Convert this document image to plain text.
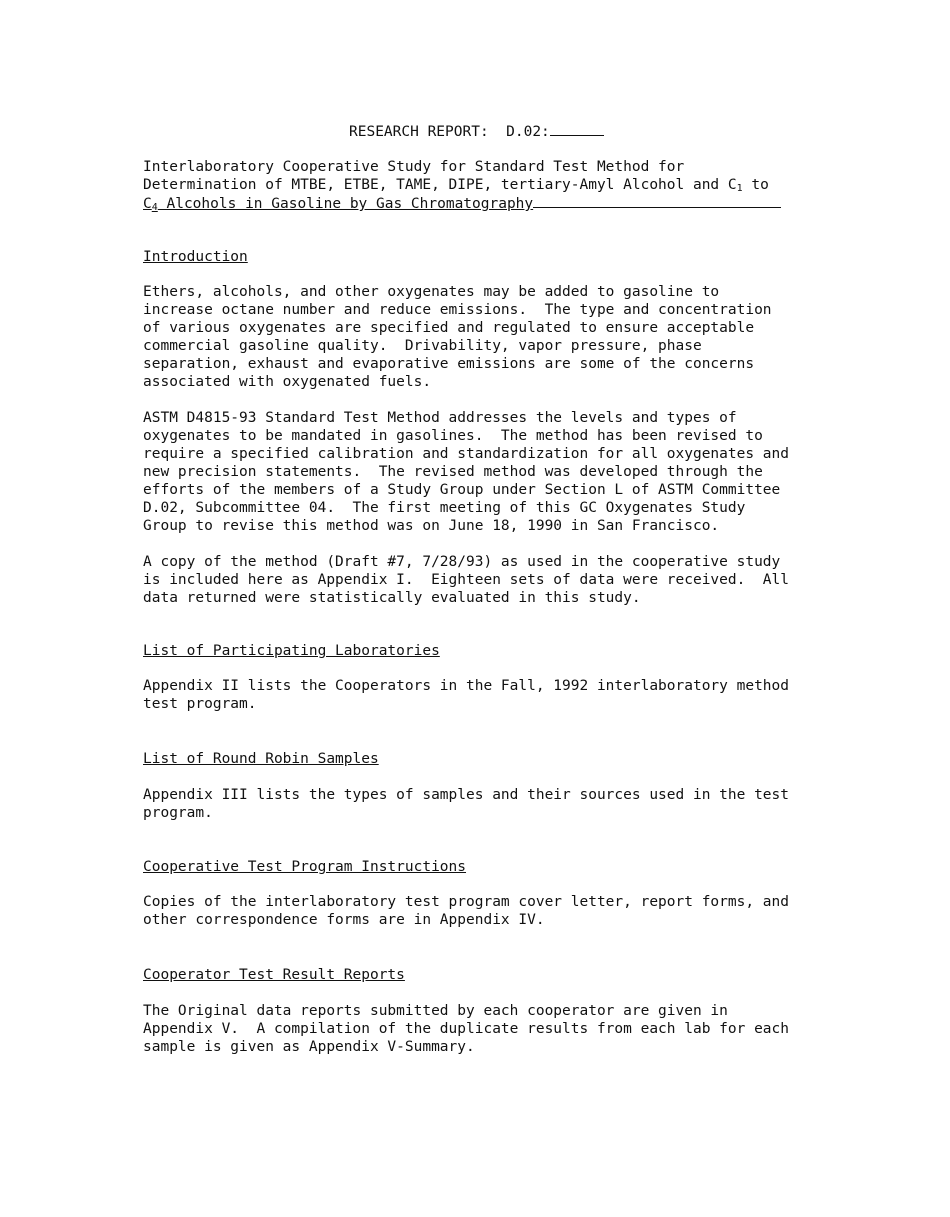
RESEARCH REPORT:  D.02:
Interlaboratory Cooperative Study for Standard Test Method for
Determination of MTBE, ETBE, TAME, DIPE, tertiary-Amyl Alcohol and $C_1$ to
$C_4$ Alcohols in Gasoline by Gas Chromatography
Introduction
Ethers, alcohols, and other oxygenates may be added to gasoline to
increase octane number and reduce emissions.  The type and concentration
of various oxygenates are specified and regulated to ensure acceptable
commercial gasoline quality.  Drivability, vapor pressure, phase
separation, exhaust and evaporative emissions are some of the concerns
associated with oxygenated fuels.
ASTM D4815-93 Standard Test Method addresses the levels and types of
oxygenates to be mandated in gasolines.  The method has been revised to
require a specified calibration and standardization for all oxygenates and
new precision statements.  The revised method was developed through the
efforts of the members of a Study Group under Section L of ASTM Committee
D.02, Subcommittee 04.  The first meeting of this GC Oxygenates Study
Group to revise this method was on June 18, 1990 in San Francisco.
A copy of the method (Draft #7, 7/28/93) as used in the cooperative study
is included here as Appendix I.  Eighteen sets of data were received.  All
data returned were statistically evaluated in this study.
List of Participating Laboratories
Appendix II lists the Cooperators in the Fall, 1992 interlaboratory method
test program.
List of Round Robin Samples
Appendix III lists the types of samples and their sources used in the test
program.
Cooperative Test Program Instructions
Copies of the interlaboratory test program cover letter, report forms, and
other correspondence forms are in Appendix IV.
Cooperator Test Result Reports
The Original data reports submitted by each cooperator are given in
Appendix V.  A compilation of the duplicate results from each lab for each
sample is given as Appendix V-Summary.
